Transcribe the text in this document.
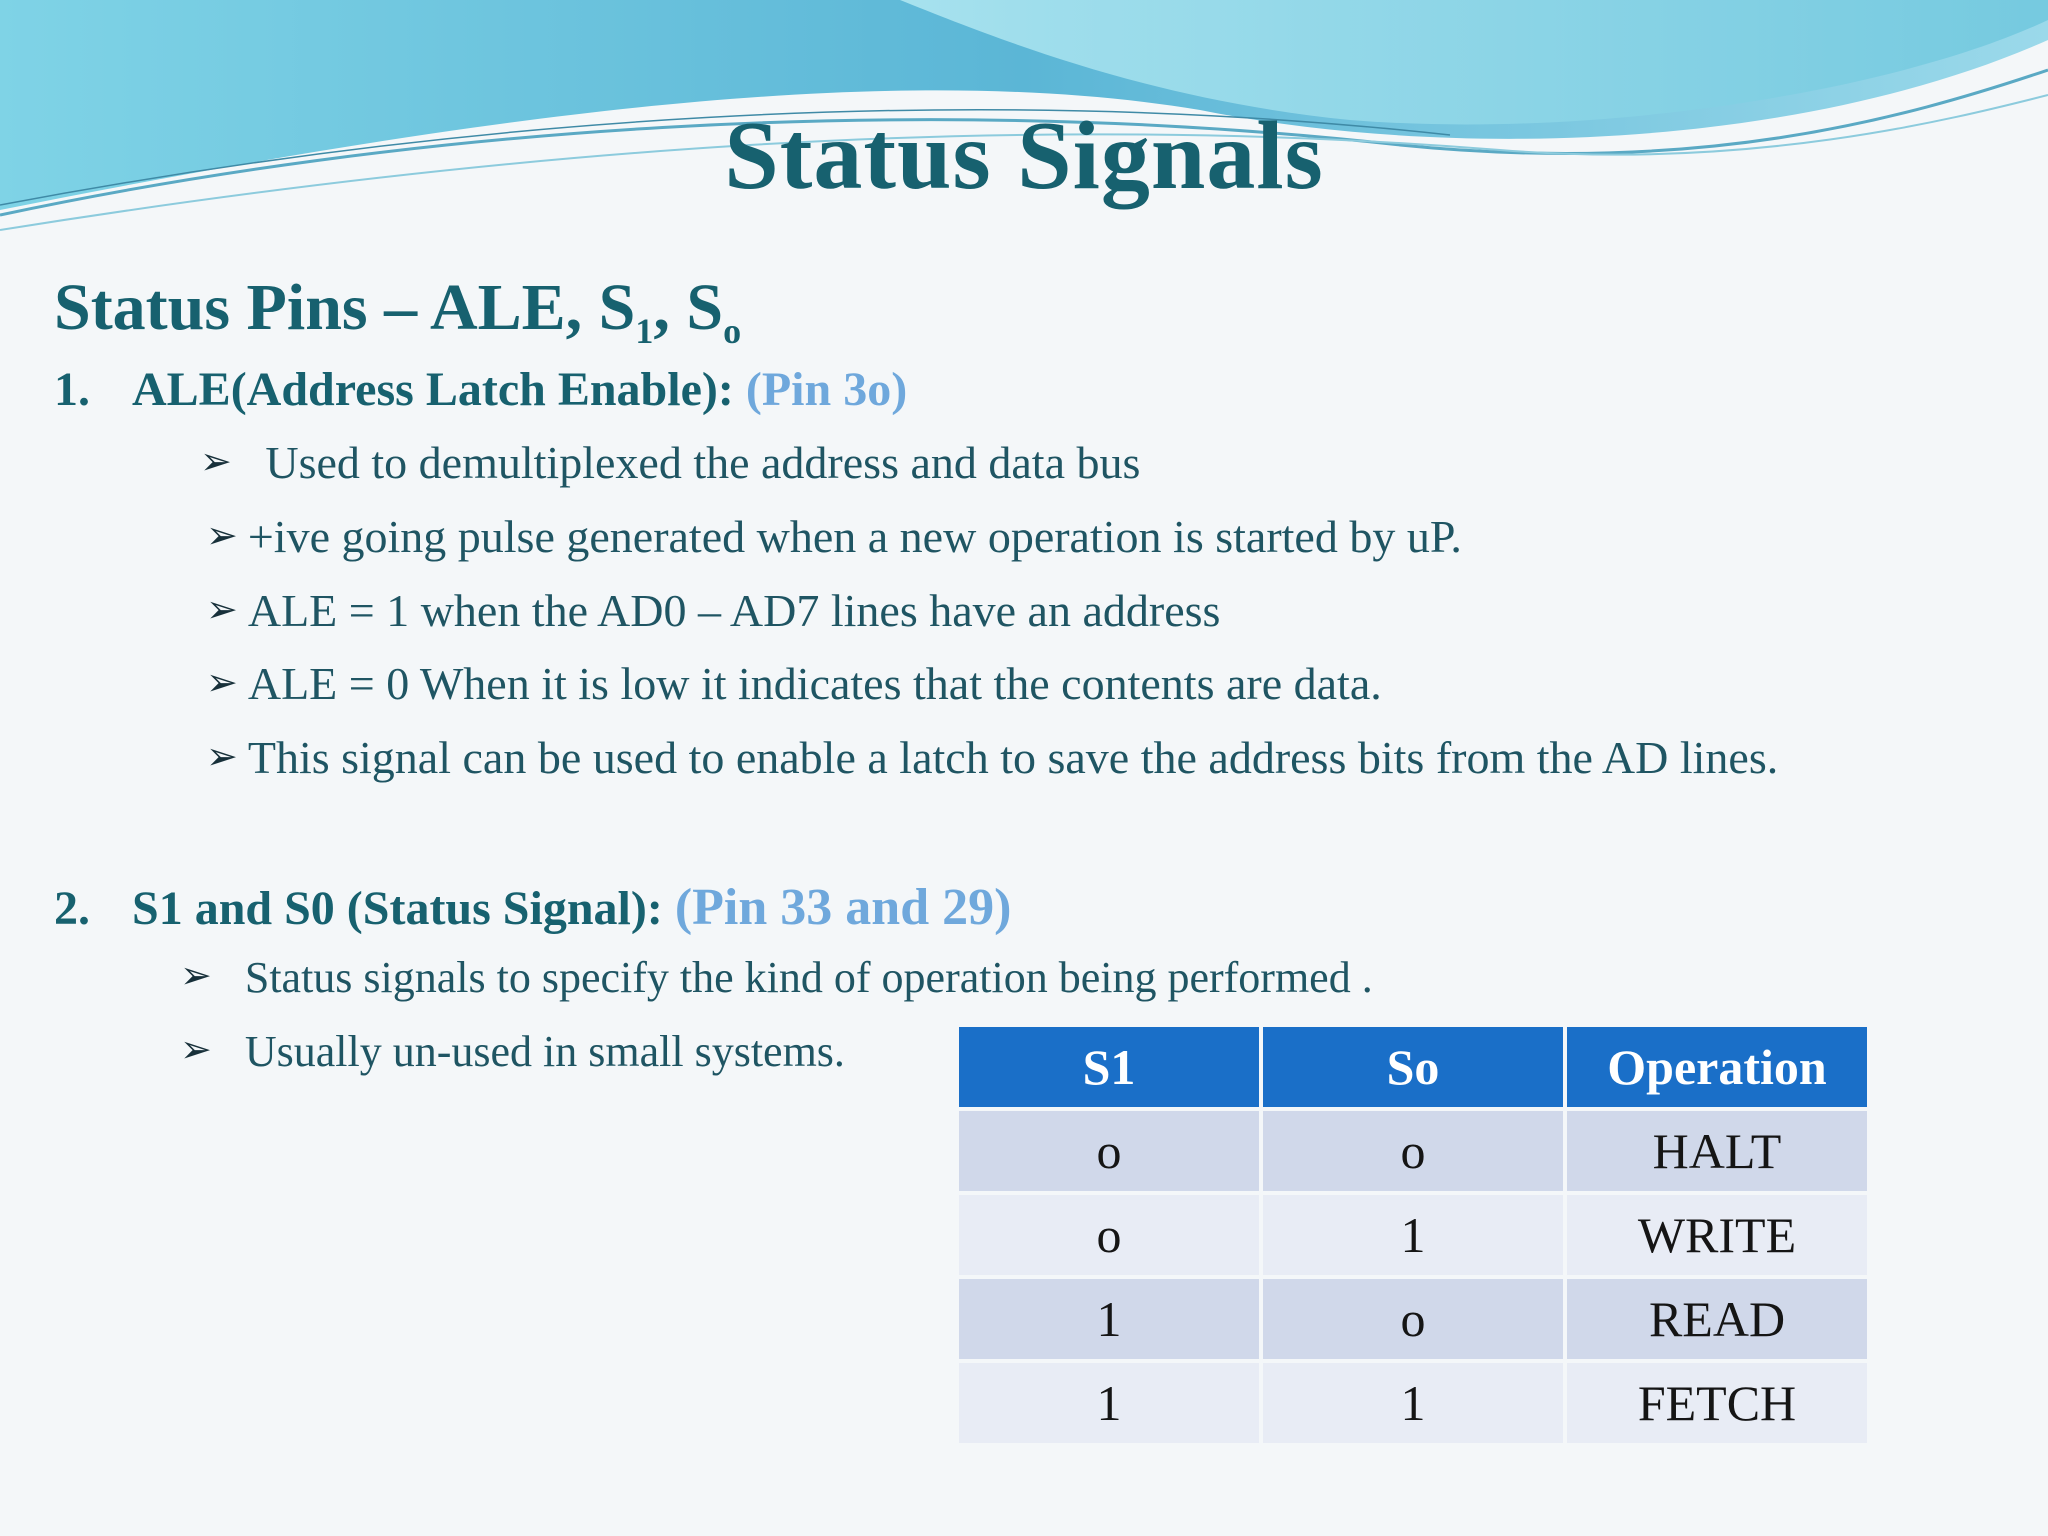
Status Signals
Status Pins – ALE, $S_1$, $S_o$
1. ALE(Address Latch Enable): (Pin 3o)
➢ Used to demultiplexed the address and data bus
➢ +ive going pulse generated when a new operation is started by uP.
➢ ALE = 1 when the AD0 – AD7 lines have an address
➢ ALE = 0 When it is low it indicates that the contents are data.
➢ This signal can be used to enable a latch to save the address bits from the AD lines.
2. S1 and S0 (Status Signal): (Pin 33 and 29)
➢ Status signals to specify the kind of operation being performed .
➢ Usually un-used in small systems.	S1	So	Operation
o	o	HALT
o	1	WRITE
1	o	READ
1	1	FETCH
